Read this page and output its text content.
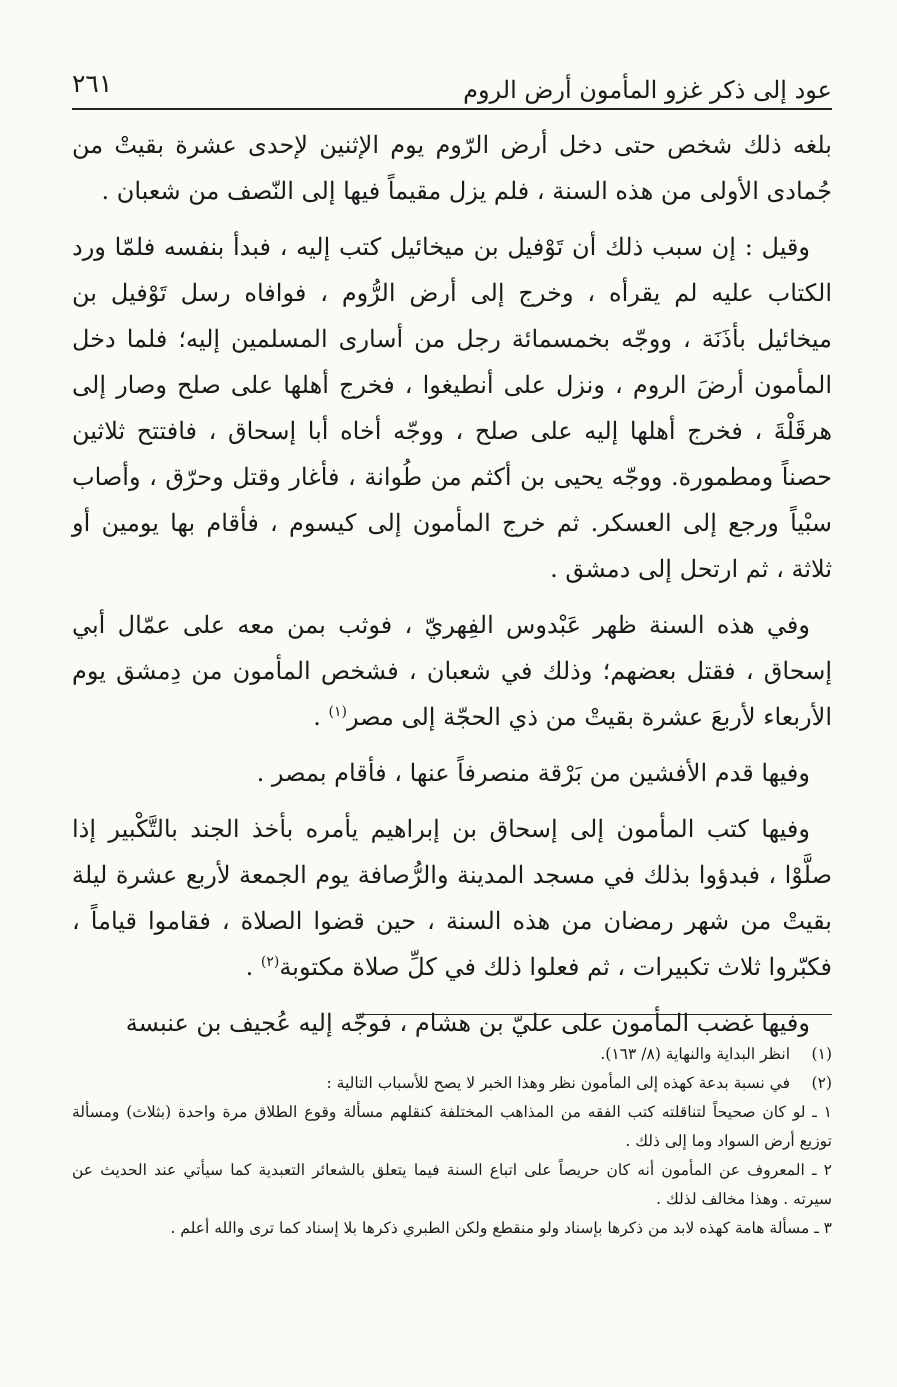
عود إلى ذكر غزو المأمون أرض الروم
٢٦١

بلغه ذلك شخص حتى دخل أرض الرّوم يوم الإثنين لإحدى عشرة بقيتْ من جُمادى الأولى من هذه السنة ، فلم يزل مقيماً فيها إلى النّصف من شعبان .

وقيل : إن سبب ذلك أن تَوْفيل بن ميخائيل كتب إليه ، فبدأ بنفسه فلمّا ورد الكتاب عليه لم يقرأه ، وخرج إلى أرض الرُّوم ، فوافاه رسل تَوْفيل بن ميخائيل بأذَنَة ، ووجّه بخمسمائة رجل من أسارى المسلمين إليه؛ فلما دخل المأمون أرضَ الروم ، ونزل على أنطيغوا ، فخرج أهلها على صلح وصار إلى هرقَلْةَ ، فخرج أهلها إليه على صلح ، ووجّه أخاه أبا إسحاق ، فافتتح ثلاثين حصناً ومطمورة. ووجّه يحيى بن أكثم من طُوانة ، فأغار وقتل وحرّق ، وأصاب سبْياً ورجع إلى العسكر. ثم خرج المأمون إلى كيسوم ، فأقام بها يومين أو ثلاثة ، ثم ارتحل إلى دمشق .

وفي هذه السنة ظهر عَبْدوس الفِهريّ ، فوثب بمن معه على عمّال أبي إسحاق ، فقتل بعضهم؛ وذلك في شعبان ، فشخص المأمون من دِمشق يوم الأربعاء لأربعَ عشرة بقيتْ من ذي الحجّة إلى مصر$^{(١)}$ .

وفيها قدم الأفشين من بَرْقة منصرفاً عنها ، فأقام بمصر .

وفيها كتب المأمون إلى إسحاق بن إبراهيم يأمره بأخذ الجند بالتَّكْبير إذا صلَّوْا ، فبدؤوا بذلك في مسجد المدينة والرُّصافة يوم الجمعة لأربع عشرة ليلة بقيتْ من شهر رمضان من هذه السنة ، حين قضوا الصلاة ، فقاموا قياماً ، فكبّروا ثلاث تكبيرات ، ثم فعلوا ذلك في كلِّ صلاة مكتوبة$^{(٢)}$ .

وفيها غضب المأمون على عليّ بن هشام ، فوجّه إليه عُجيف بن عنبسة

(١)
انظر البداية والنهاية (٨/ ١٦٣).
(٢)
في نسبة بدعة كهذه إلى المأمون نظر وهذا الخبر لا يصح للأسباب التالية :
١ ـ لو كان صحيحاً لتناقلته كتب الفقه من المذاهب المختلفة كنقلهم مسألة وقوع الطلاق مرة واحدة (بثلاث) ومسألة توزيع أرض السواد وما إلى ذلك .
٢ ـ المعروف عن المأمون أنه كان حريصاً على اتباع السنة فيما يتعلق بالشعائر التعبدية كما سيأتي عند الحديث عن سيرته . وهذا مخالف لذلك .
٣ ـ مسألة هامة كهذه لابد من ذكرها بإسناد ولو منقطع ولكن الطبري ذكرها بلا إسناد كما ترى والله أعلم .
